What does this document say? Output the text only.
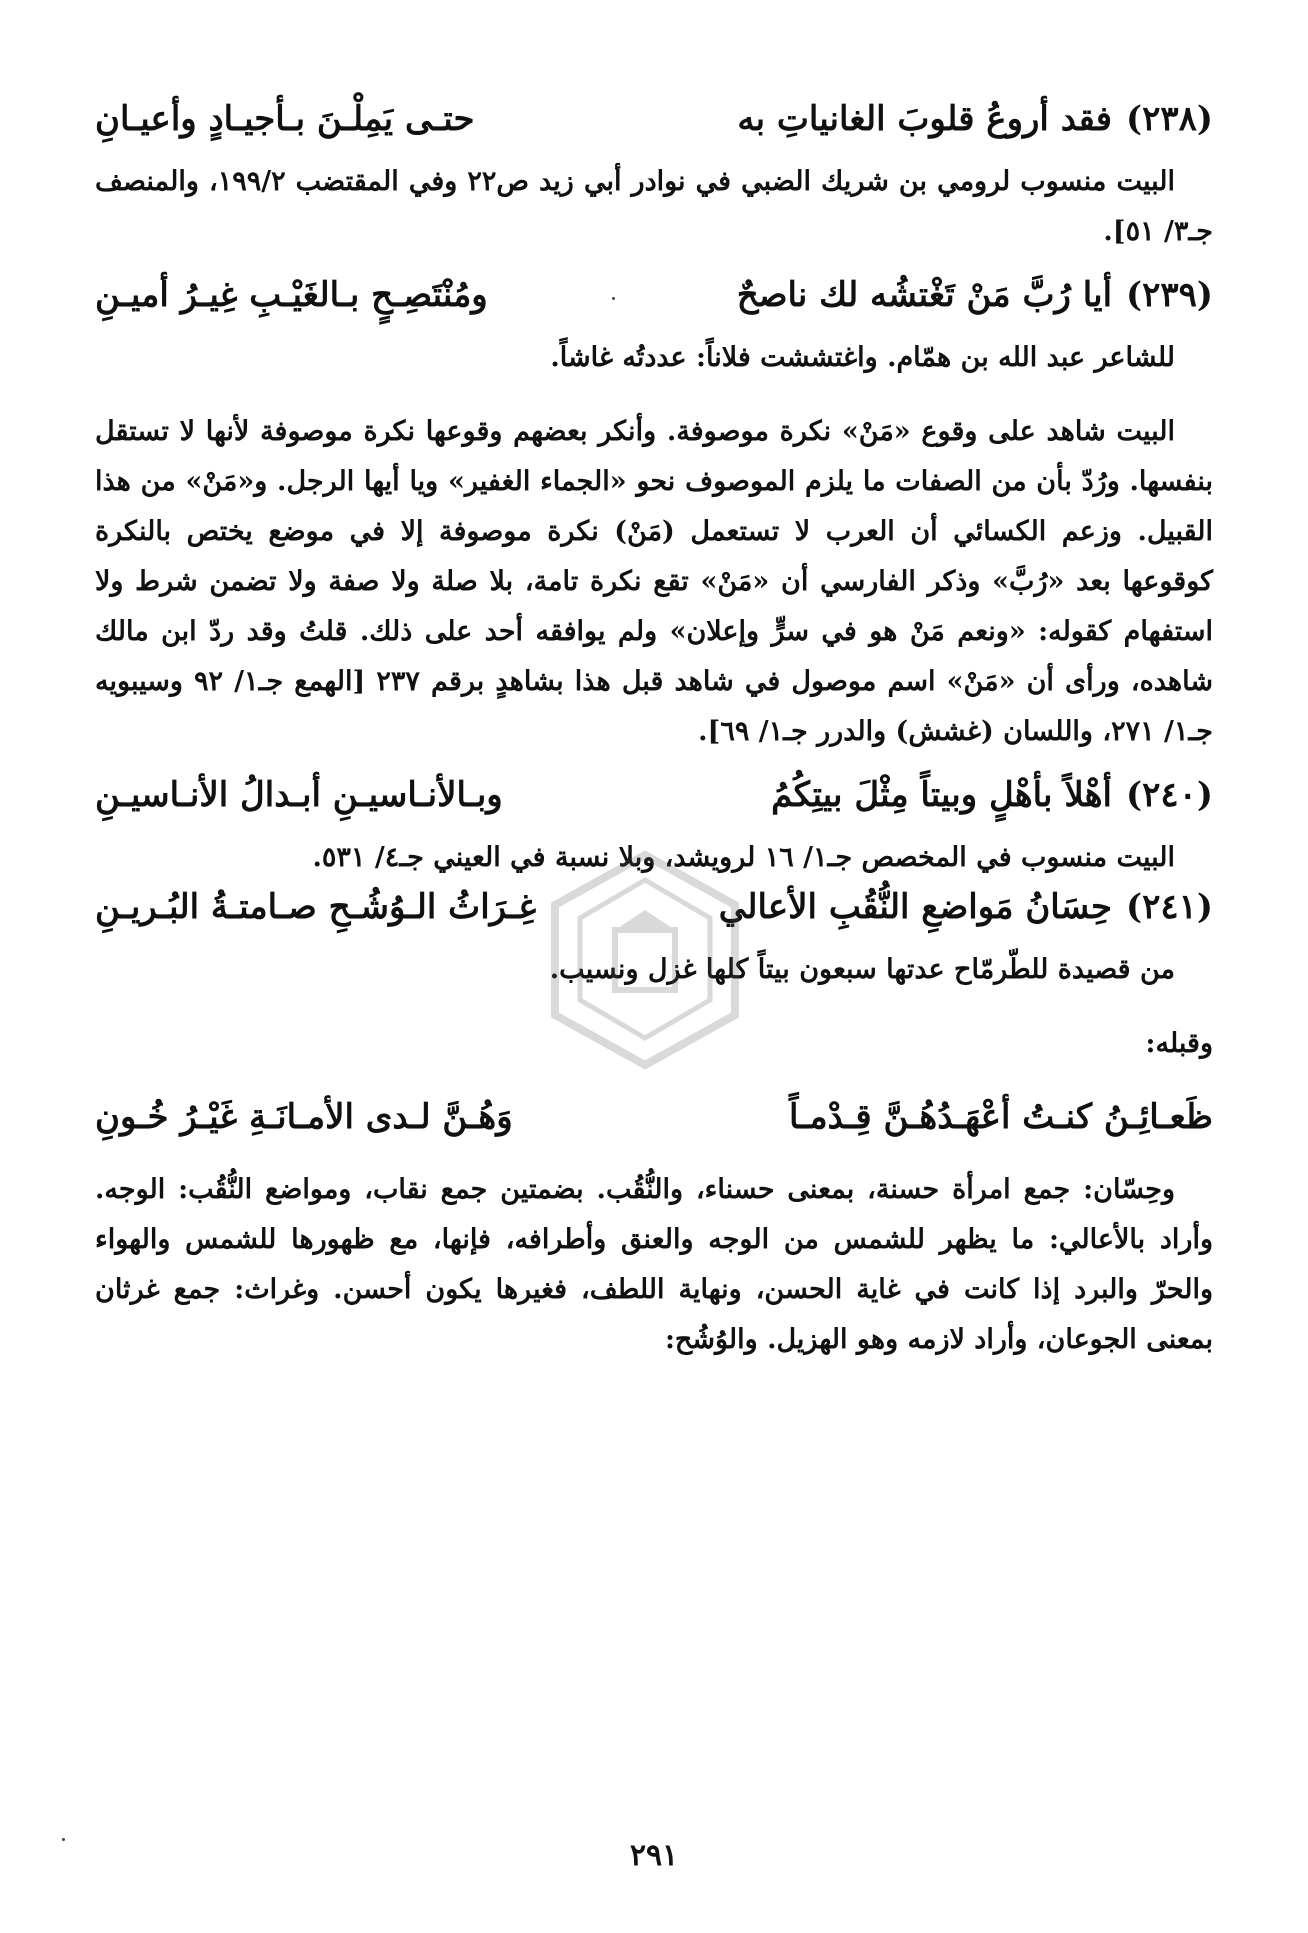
(٢٣٨)فقد أروعُ قلوبَ الغانياتِ به
حتـى يَمِلْـنَ بـأجيـادٍ وأعيـانِ

البيت منسوب لرومي بن شريك الضبي في نوادر أبي زيد ص٢٢ وفي المقتضب ١٩٩/٢، والمنصف جـ٣/ ٥١].

(٢٣٩)أيا رُبَّ مَنْ تَغْتشُه لك ناصحٌ
ومُنْتَصِـحٍ بـالغَيْـبِ غِيـرُ أميـنِ

للشاعر عبد الله بن همّام. واغتششت فلاناً: عددتُه غاشاً.

البيت شاهد على وقوع «مَنْ» نكرة موصوفة. وأنكر بعضهم وقوعها نكرة موصوفة لأنها لا تستقل بنفسها. ورُدّ بأن من الصفات ما يلزم الموصوف نحو «الجماء الغفير» ويا أيها الرجل. و«مَنْ» من هذا القبيل. وزعم الكسائي أن العرب لا تستعمل (مَنْ) نكرة موصوفة إلا في موضع يختص بالنكرة كوقوعها بعد «رُبَّ» وذكر الفارسي أن «مَنْ» تقع نكرة تامة، بلا صلة ولا صفة ولا تضمن شرط ولا استفهام كقوله: «ونعم مَنْ هو في سرٍّ وإعلان» ولم يوافقه أحد على ذلك. قلتُ وقد ردّ ابن مالك شاهده، ورأى أن «مَنْ» اسم موصول في شاهد قبل هذا بشاهدٍ برقم ٢٣٧ [الهمع جـ١/ ٩٢ وسيبويه جـ١/ ٢٧١، واللسان (غشش) والدرر جـ١/ ٦٩].

(٢٤٠)أهْلاً بأهْلٍ وبيتاً مِثْلَ بيتِكُمُ
وبـالأنـاسيـنِ أبـدالُ الأنـاسيـنِ

البيت منسوب في المخصص جـ١/ ١٦ لرويشد، وبلا نسبة في العيني جـ٤/ ٥٣١.

(٢٤١)حِسَانُ مَواضعِ النُّقُبِ الأعالي
غِـرَاثُ الـوُشُـحِ صـامتـةُ البُـريـنِ

من قصيدة للطّرمّاح عدتها سبعون بيتاً كلها غزل ونسيب.

وقبله:

ظَعـائِـنُ كنـتُ أعْهَـدُهُـنَّ قِـدْمـاً
وَهُـنَّ لـدى الأمـانَـةِ غَيْـرُ خُـونِ

وحِسّان: جمع امرأة حسنة، بمعنى حسناء، والنُّقُب. بضمتين جمع نقاب، ومواضع النُّقُب: الوجه. وأراد بالأعالي: ما يظهر للشمس من الوجه والعنق وأطرافه، فإنها، مع ظهورها للشمس والهواء والحرّ والبرد إذا كانت في غاية الحسن، ونهاية اللطف، فغيرها يكون أحسن. وغراث: جمع غرثان بمعنى الجوعان، وأراد لازمه وهو الهزيل. والوُشُح:

٢٩١
